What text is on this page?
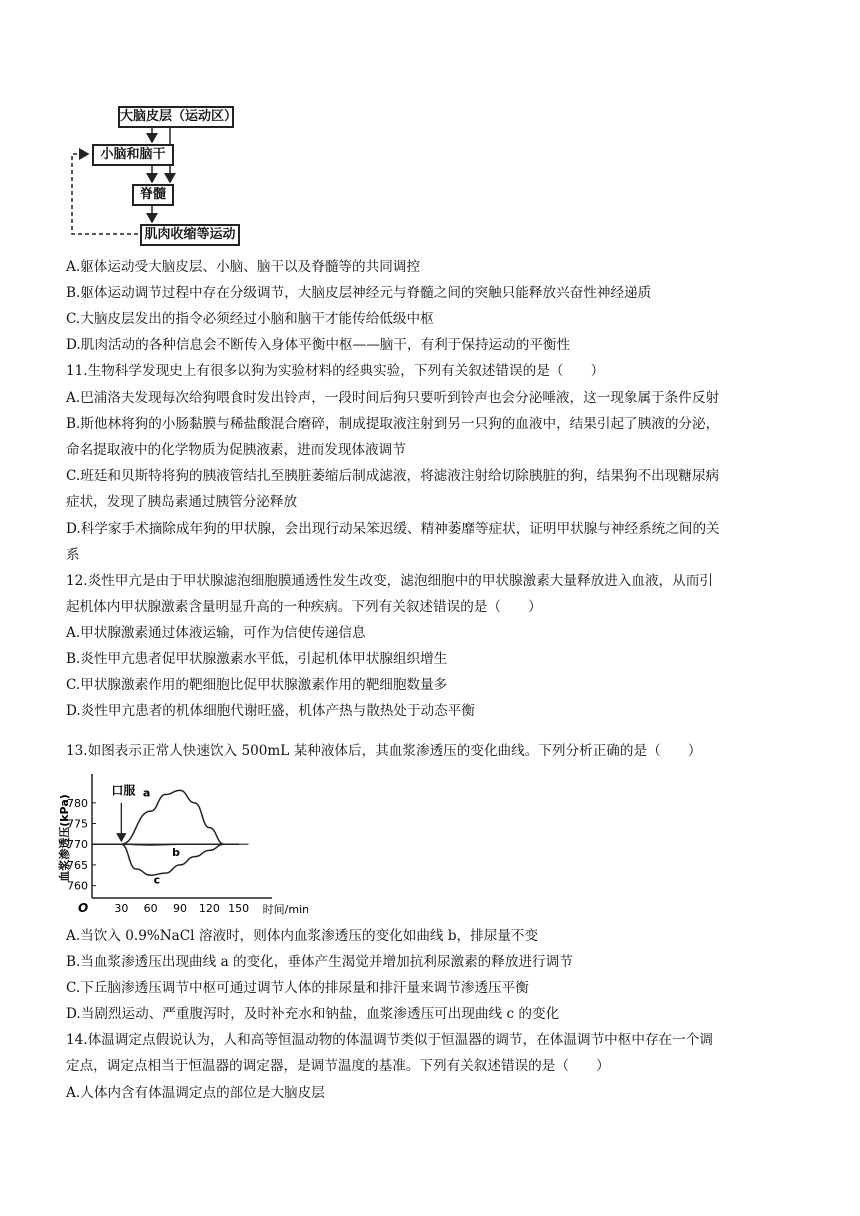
大脑皮层（运动区）
小脑和脑干
脊髓
肌肉收缩等运动
A.躯体运动受大脑皮层、小脑、脑干以及脊髓等的共同调控
B.躯体运动调节过程中存在分级调节，大脑皮层神经元与脊髓之间的突触只能释放兴奋性神经递质
C.大脑皮层发出的指令必须经过小脑和脑干才能传给低级中枢
D.肌肉活动的各种信息会不断传入身体平衡中枢——脑干，有利于保持运动的平衡性
11.生物科学发现史上有很多以狗为实验材料的经典实验，下列有关叙述错误的是（　　）
A.巴浦洛夫发现每次给狗喂食时发出铃声，一段时间后狗只要听到铃声也会分泌唾液，这一现象属于条件反射
B.斯他林将狗的小肠黏膜与稀盐酸混合磨碎，制成提取液注射到另一只狗的血液中，结果引起了胰液的分泌，
命名提取液中的化学物质为促胰液素，进而发现体液调节
C.班廷和贝斯特将狗的胰液管结扎至胰脏萎缩后制成滤液，将滤液注射给切除胰脏的狗，结果狗不出现糖尿病
症状，发现了胰岛素通过胰管分泌释放
D.科学家手术摘除成年狗的甲状腺，会出现行动呆笨迟缓、精神萎靡等症状，证明甲状腺与神经系统之间的关
系
12.炎性甲亢是由于甲状腺滤泡细胞膜通透性发生改变，滤泡细胞中的甲状腺激素大量释放进入血液，从而引
起机体内甲状腺激素含量明显升高的一种疾病。下列有关叙述错误的是（　　）
A.甲状腺激素通过体液运输，可作为信使传递信息
B.炎性甲亢患者促甲状腺激素水平低，引起机体甲状腺组织增生
C.甲状腺激素作用的靶细胞比促甲状腺激素作用的靶细胞数量多
D.炎性甲亢患者的机体细胞代谢旺盛，机体产热与散热处于动态平衡
13.如图表示正常人快速饮入 500mL 某种液体后，其血浆渗透压的变化曲线。下列分析正确的是（　　）
A.当饮入 0.9%NaCl 溶液时，则体内血浆渗透压的变化如曲线 b，排尿量不变
B.当血浆渗透压出现曲线 a 的变化，垂体产生渴觉并增加抗利尿激素的释放进行调节
C.下丘脑渗透压调节中枢可通过调节人体的排尿量和排汗量来调节渗透压平衡
D.当剧烈运动、严重腹泻时，及时补充水和钠盐，血浆渗透压可出现曲线 c 的变化
14.体温调定点假说认为，人和高等恒温动物的体温调节类似于恒温器的调节，在体温调节中枢中存在一个调
定点，调定点相当于恒温器的调定器，是调节温度的基准。下列有关叙述错误的是（　　）
A.人体内含有体温调定点的部位是大脑皮层
O	时间/min
血浆渗透压(kPa)
口服
30 60 90 120 150
760
765
770
775
780
a
b
c
